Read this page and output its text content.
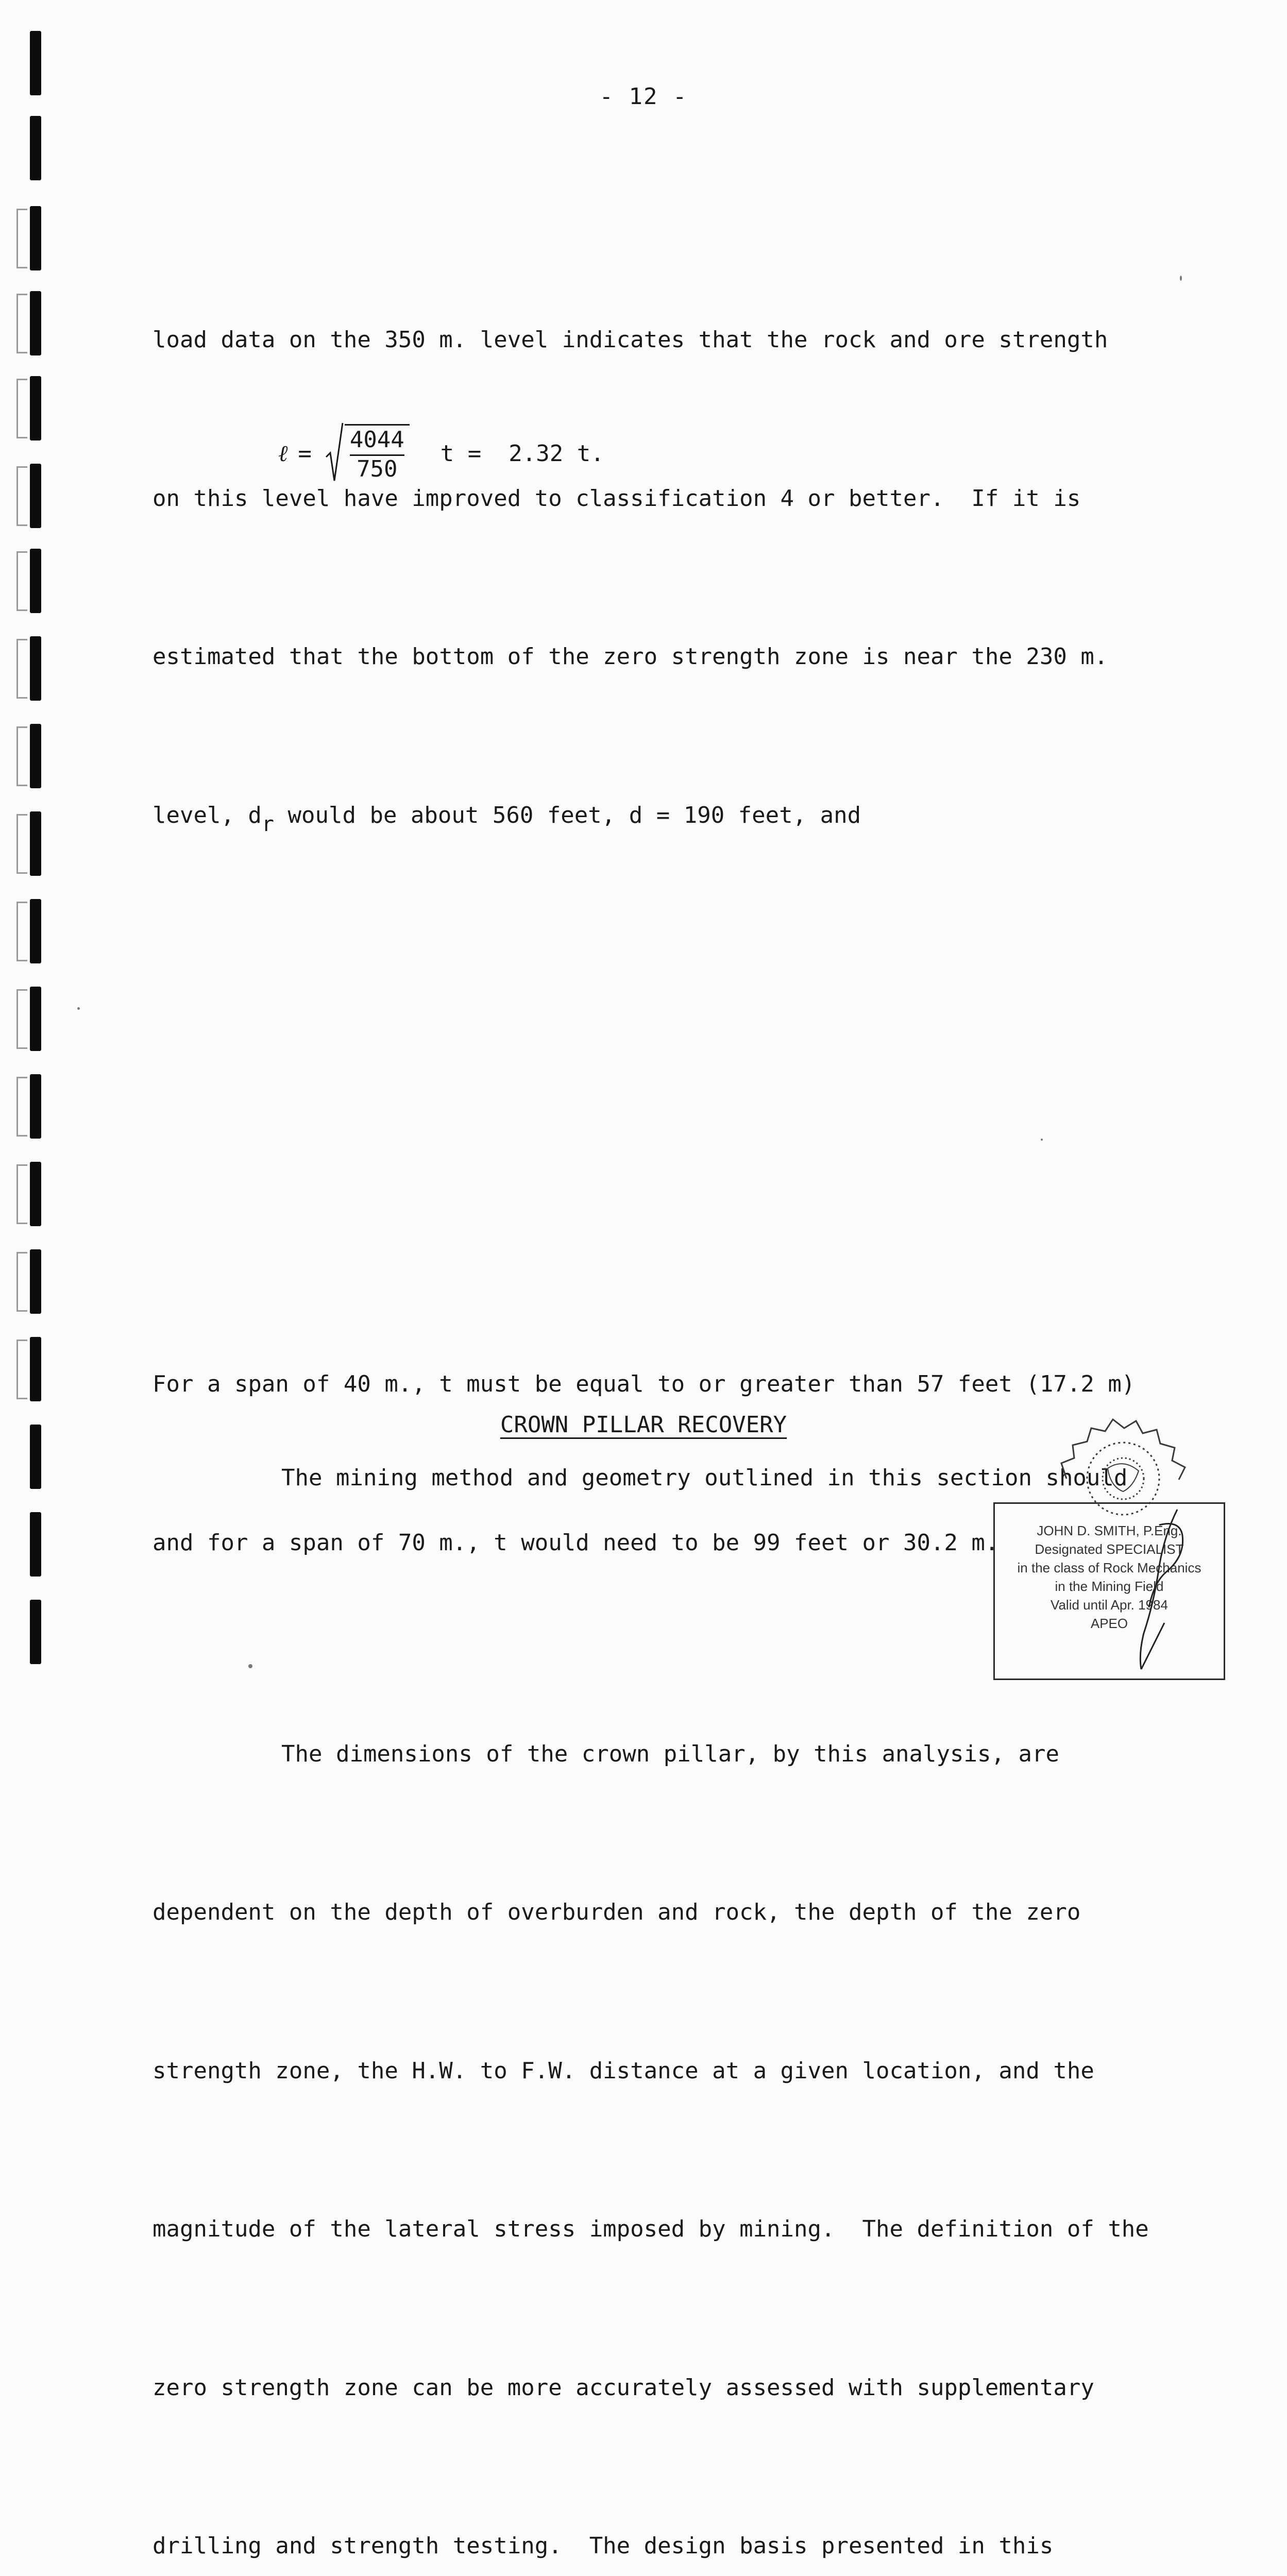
- 12 -

load data on the 350 m. level indicates that the rock and ore strength

on this level have improved to classification 4 or better.  If it is

estimated that the bottom of the zero strength zone is near the 230 m.

level, $d_r$ would be about 560 feet, d = 190 feet, and

For a span of 40 m., t must be equal to or greater than 57 feet (17.2 m)

and for a span of 70 m., t would need to be 99 feet or 30.2 m.

The dimensions of the crown pillar, by this analysis, are

dependent on the depth of overburden and rock, the depth of the zero

strength zone, the H.W. to F.W. distance at a given location, and the

magnitude of the lateral stress imposed by mining.  The definition of the

zero strength zone can be more accurately assessed with supplementary

drilling and strength testing.  The design basis presented in this

ℓ = $\frac{4044}{750}$ t =  2.32 t.
CROWN PILLAR RECOVERY
The mining method and geometry outlined in this section should
JOHN D. SMITH, P.Eng.
Designated SPECIALIST
in the class of Rock Mechanics
in the Mining Field
Valid until Apr. 1984
APEO
